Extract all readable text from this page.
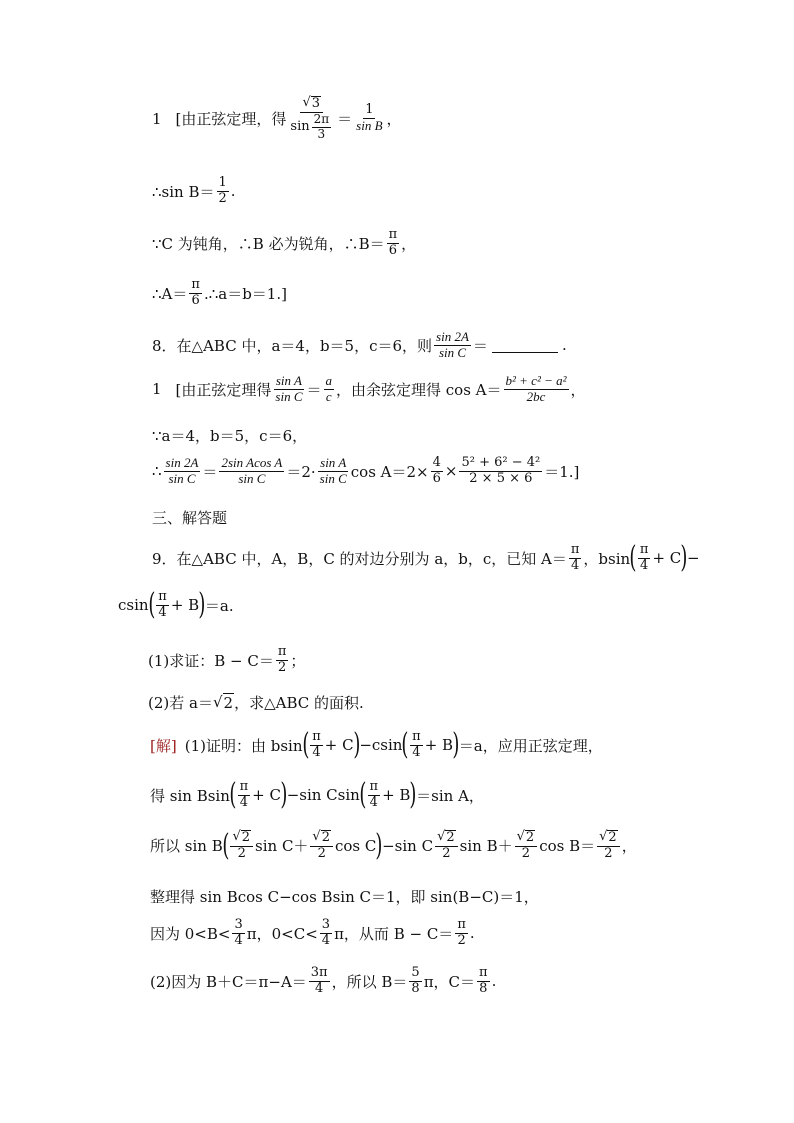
1 [由正弦定理，得 $\frac{√ 3}{\sin \frac{2\pi}{3}} = \frac{1}{\text{sin B}}$ ，
∴sin $B= \frac{1}{2}$ .
∵C 为钝角，∴B 必为锐角，∴B＝ $\frac{\pi}{6}$ ，
∴A＝ $\frac{\pi}{6}$ .∴a＝b＝1.]
8．在△ABC 中，a＝4，b＝5，c＝6，则 $\frac{\sin 2A}{\text{sin C}}$ ＝	.
1 [由正弦定理得 $\frac{\text{sin A}}{\text{sin C}} = \frac{a}{c}$ ，由余弦定理得 $\cos A= \frac{\text{b² + c² − a²}}{2bc}$ ，
∵a＝4，b＝5，c＝6，
∴ $\frac{\sin 2A}{\text{sin C}} = \frac{\text{2sin Acos A}}{\text{sin C}} =2\cdot \frac{\text{sin A}}{\text{sin C}}$ $\cos A=2\times \frac{4}{6} \times \frac{\text{5² + 6² − 4²}}{2 \times 5 \times 6} =1$.]
三、解答题
9．在△ABC 中，A，B，C 的对边分别为 a，b，c，已知 $A= \frac{\pi}{4}$ ，bsin ( $\frac{\pi}{4} + C$ ) −
csin ( $\frac{\pi}{4} + B$ ) ＝a.
(1)求证：$B - C= \frac{\pi}{2}$ ；
(2)若 a＝ √ 2 ，求△ABC 的面积.
[解] (1)证明：由 bsin ( $\frac{\pi}{4} + C$ ) −csin ( $\frac{\pi}{4} + B$ ) ＝a，应用正弦定理，
得 sin Bsin ( $\frac{\pi}{4} + C$ ) −sin Csin ( $\frac{\pi}{4} + B$ ) ＝sin A，
所以 sin B ( $\frac{√ 2}{2}$ $\sin C+ \frac{√ 2}{2}$ cos C ) −sin C $\frac{√ 2}{2}$ $\sin B+ \frac{√ 2}{2}$ $\cos B= \frac{√ 2}{2}$ ，
整理得 sin Bcos C−cos Bsin C＝1，即 sin(B−C)＝1，
因为 $0<B< \frac{3}{4}$ π，$0<C< \frac{3}{4}$ π，从而 $B - C= \frac{\pi}{2}$ .
(2)因为 $B+C=\pi-A= \frac{3\pi}{4}$ ，所以 $B= \frac{5}{8}$ π，$C= \frac{\pi}{8}$ .
